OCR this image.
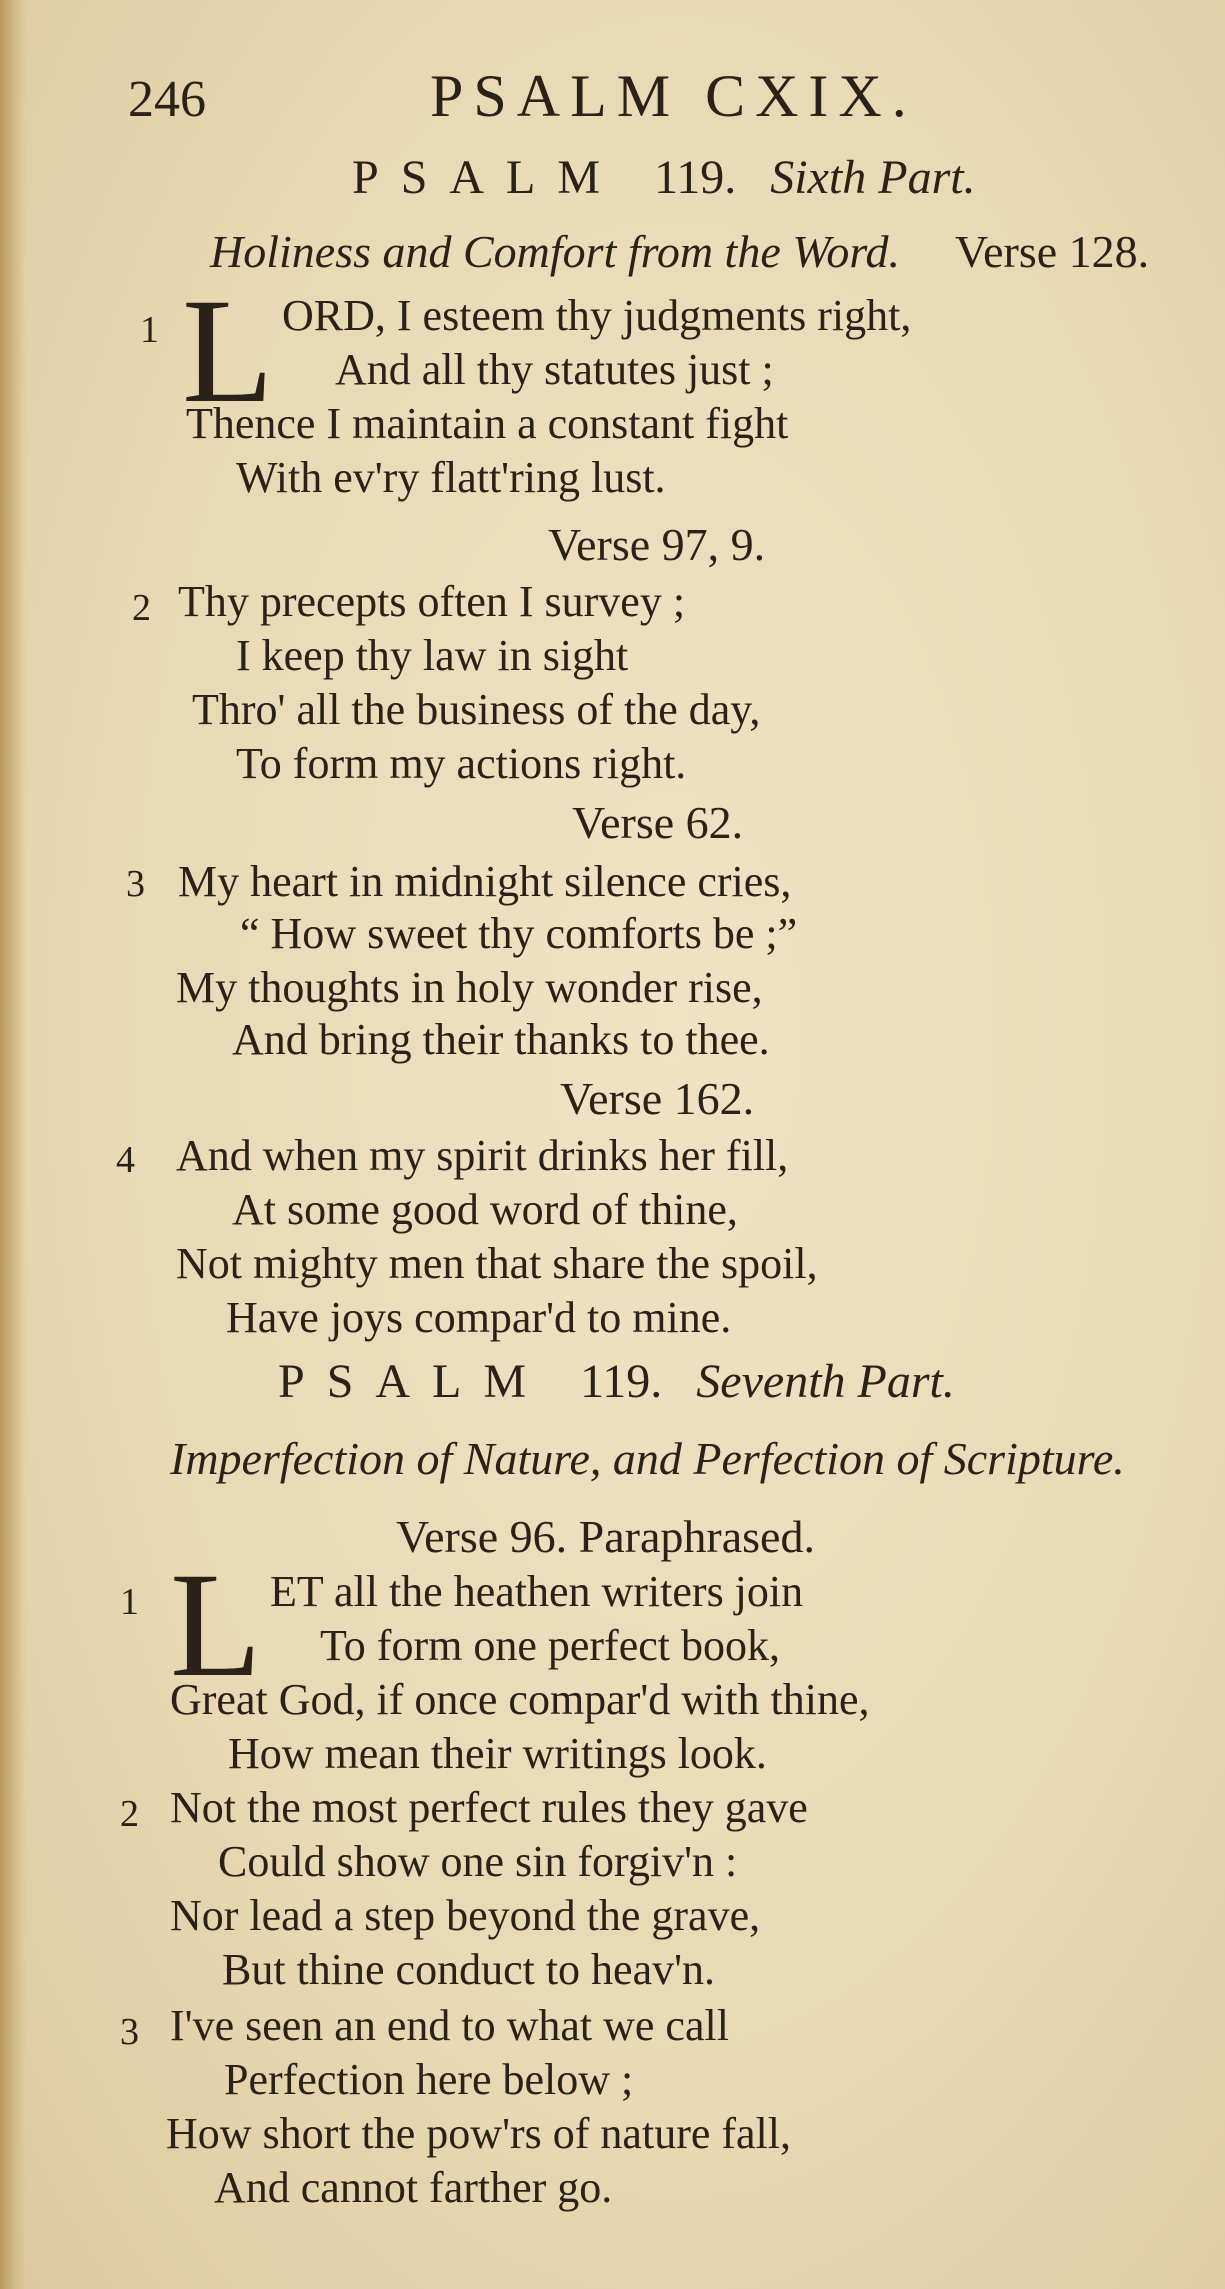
246	PSALM CXIX.
PSALM 119. Sixth Part.
Holiness and Comfort from the Word. Verse 128.
1 L ORD, I esteem thy judgments right,
And all thy statutes just ;
Thence I maintain a constant fight
With ev'ry flatt'ring lust.
Verse 97, 9.
2 Thy precepts often I survey ;
I keep thy law in sight
Thro' all the business of the day,
To form my actions right.
Verse 62.
3 My heart in midnight silence cries,
“ How sweet thy comforts be ;”
My thoughts in holy wonder rise,
And bring their thanks to thee.
Verse 162.
4 And when my spirit drinks her fill,
At some good word of thine,
Not mighty men that share the spoil,
Have joys compar'd to mine.
PSALM 119. Seventh Part.
Imperfection of Nature, and Perfection of Scripture.
Verse 96. Paraphrased.
1 L ET all the heathen writers join
To form one perfect book,
Great God, if once compar'd with thine,
How mean their writings look.
2 Not the most perfect rules they gave
Could show one sin forgiv'n :
Nor lead a step beyond the grave,
But thine conduct to heav'n.
3 I've seen an end to what we call
Perfection here below ;
How short the pow'rs of nature fall,
And cannot farther go.
